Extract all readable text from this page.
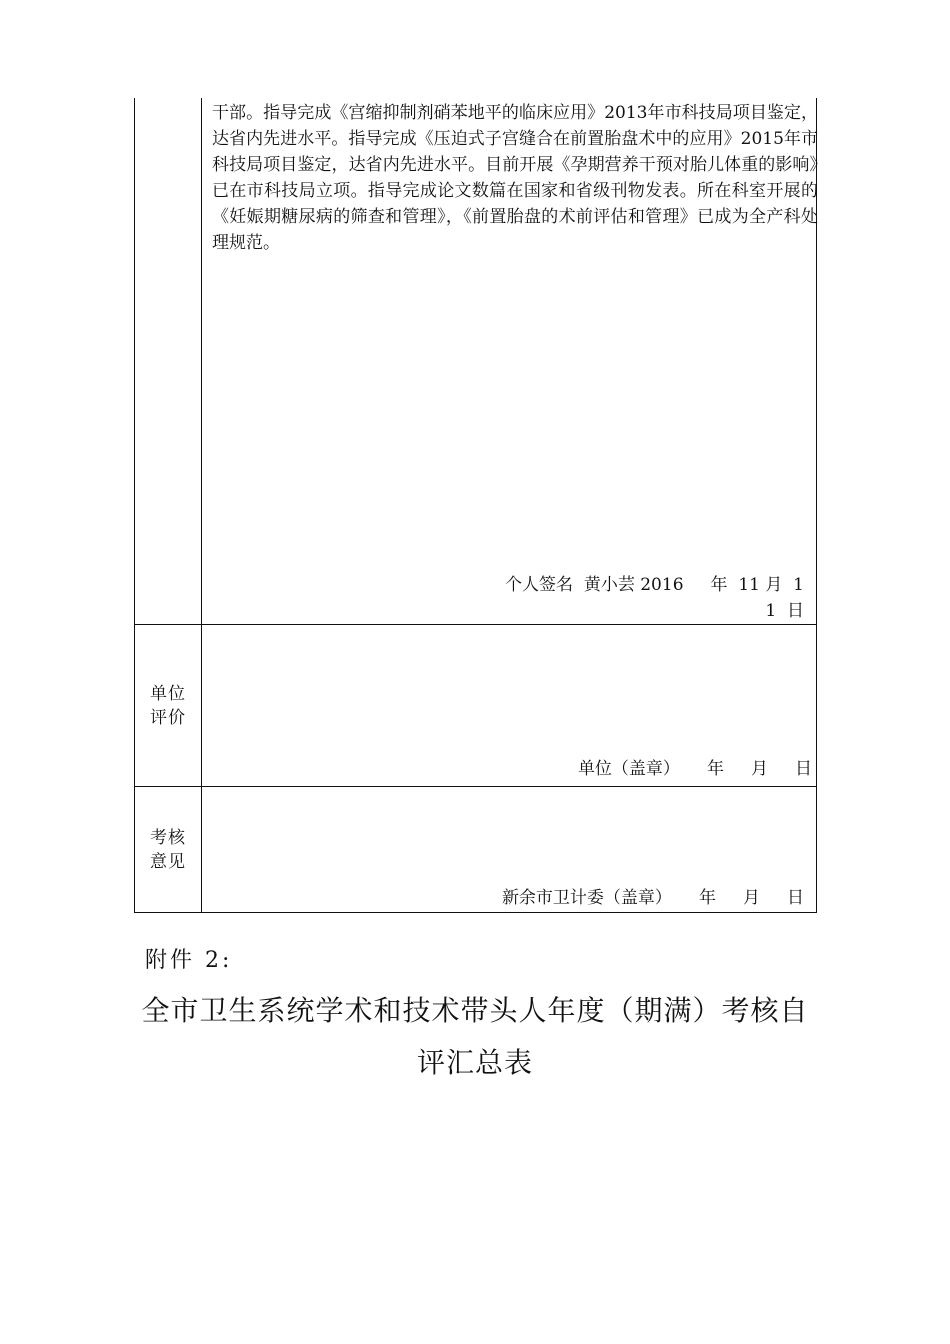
干部。指导完成《宫缩抑制剂硝苯地平的临床应用》2013年市科技局项目鉴定，达省内先进水平。指导完成《压迫式子宫缝合在前置胎盘术中的应用》2015年市科技局项目鉴定，达省内先进水平。目前开展《孕期营养干预对胎儿体重的影响》已在市科技局立项。指导完成论文数篇在国家和省级刊物发表。所在科室开展的《妊娠期糖尿病的筛查和管理》，《前置胎盘的术前评估和管理》已成为全产科处理规范。

个人签名  黄小芸 2016     年  11 月  1
1  日
单位评价
单位（盖章）     年     月     日
考核意见
新余市卫计委（盖章）     年     月     日
附件 2:
全市卫生系统学术和技术带头人年度（期满）考核自评汇总表
